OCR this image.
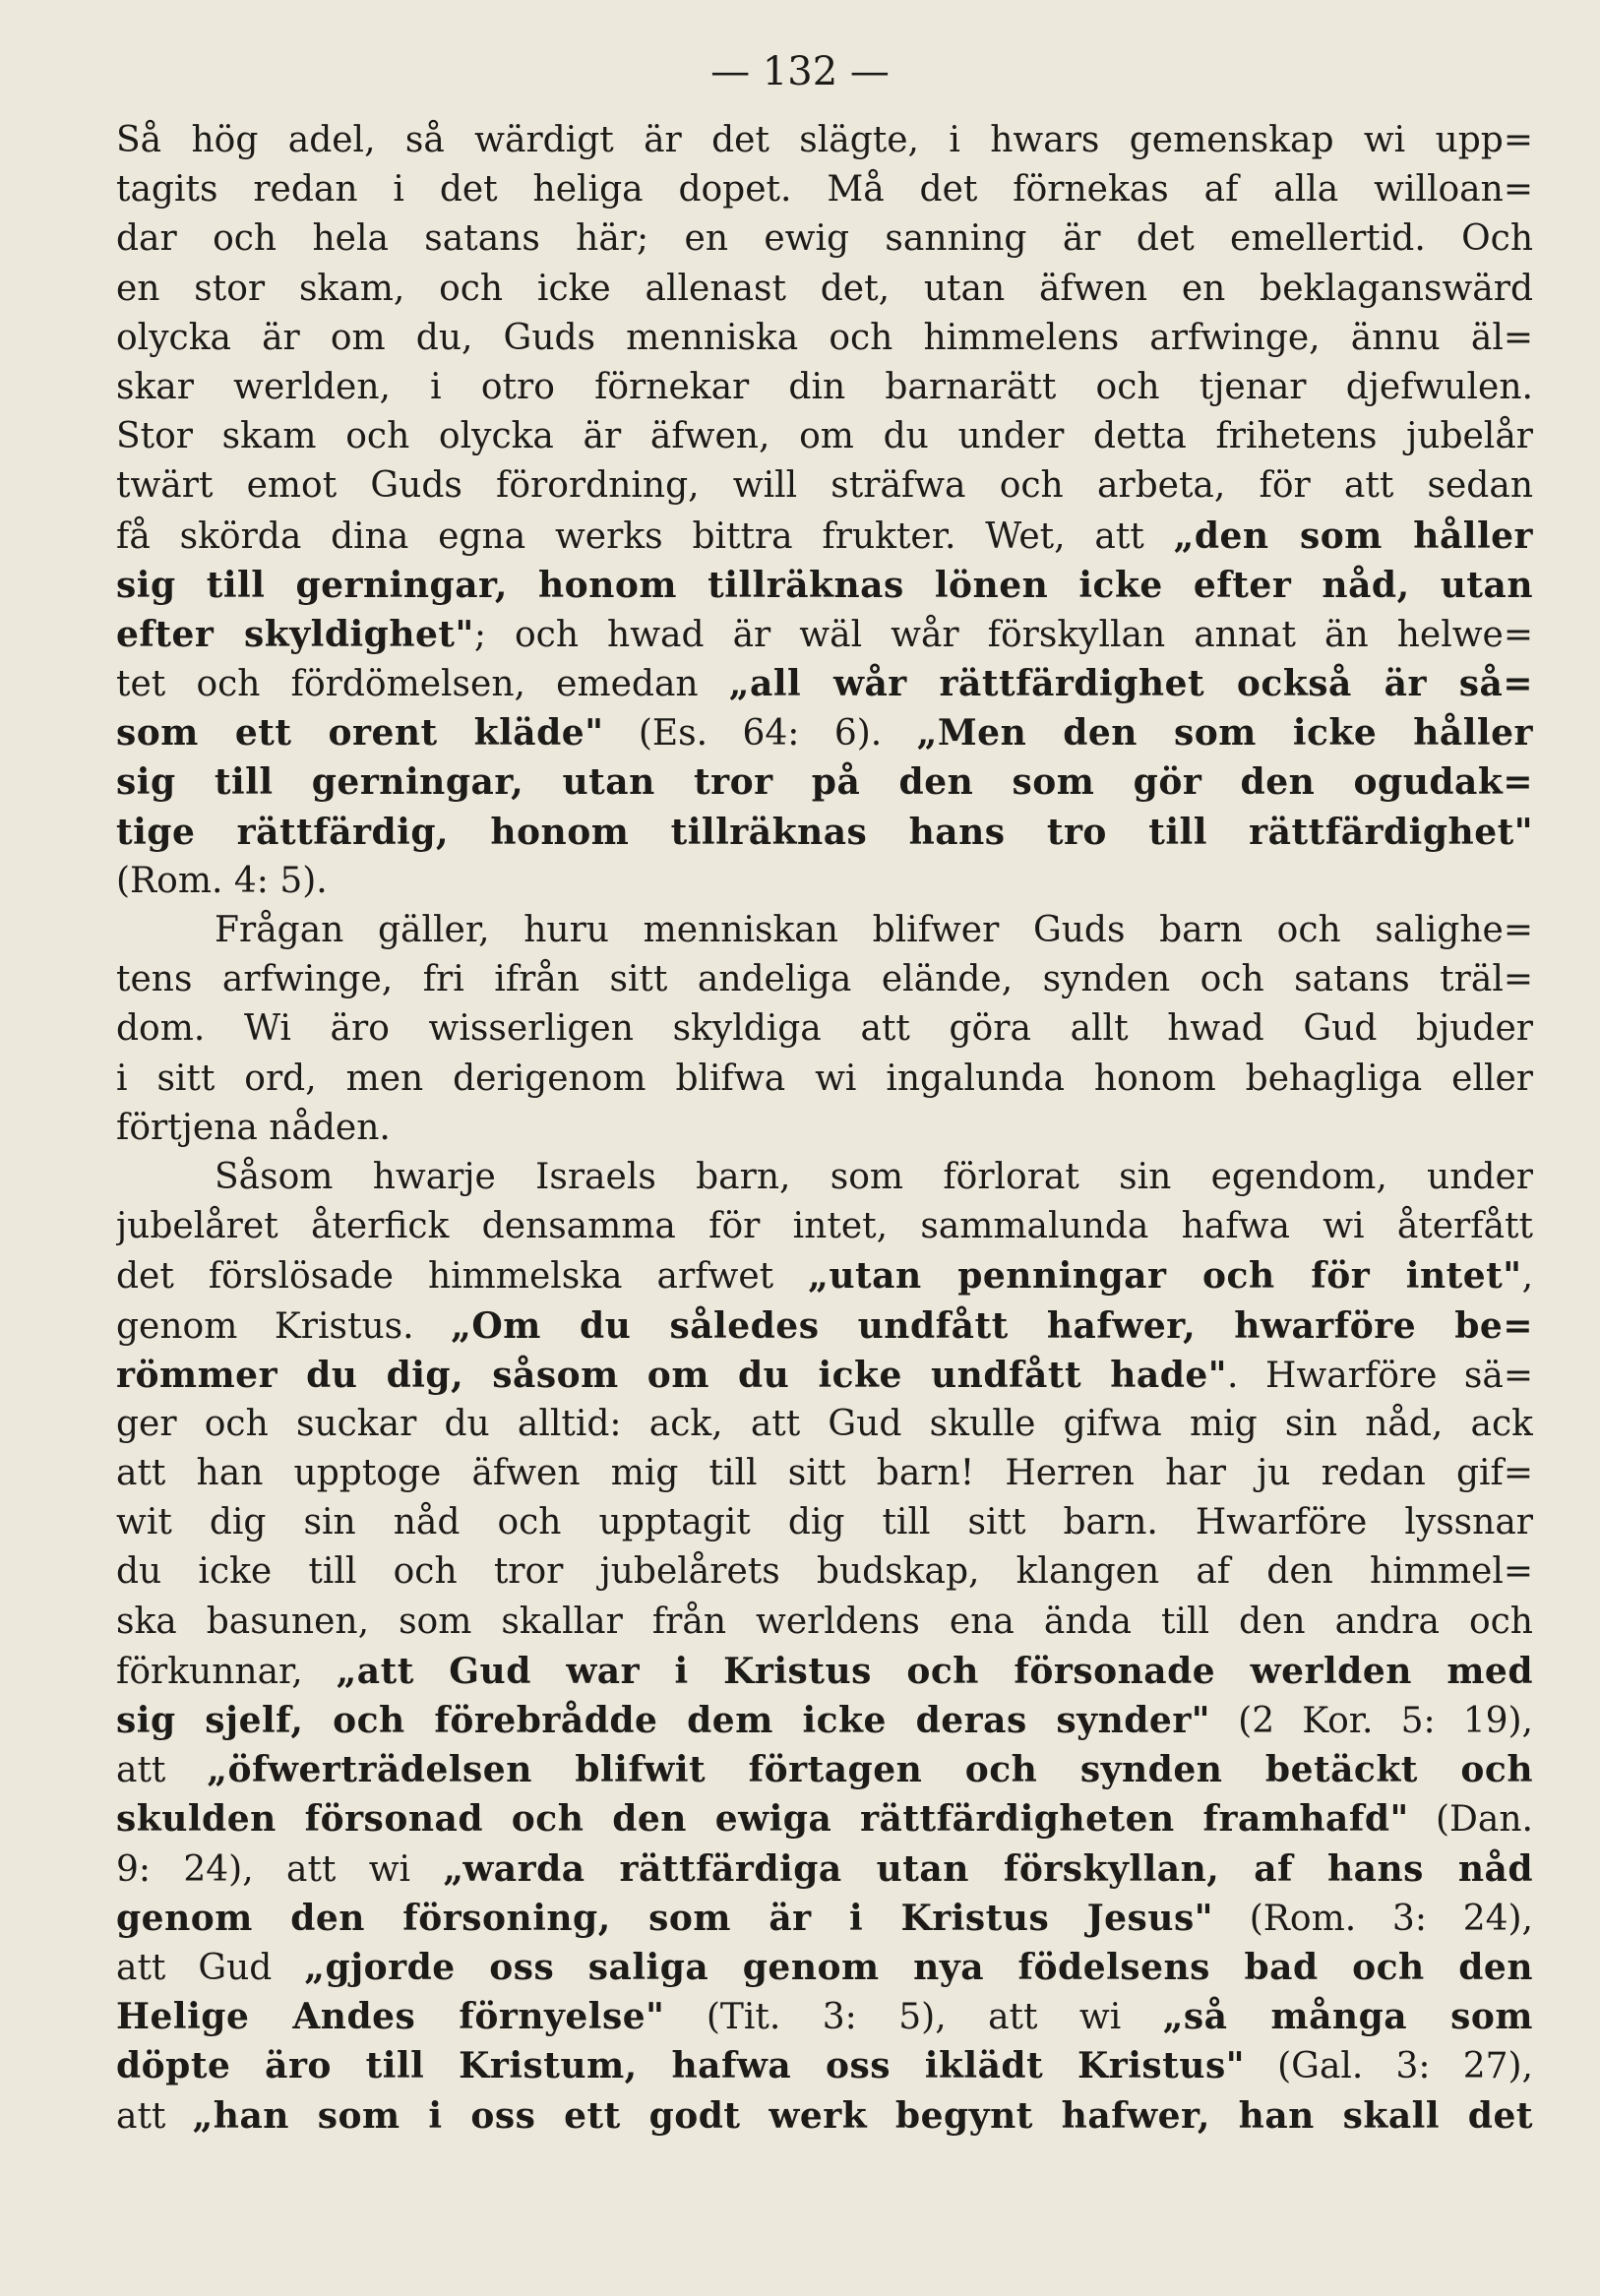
— 132 —
Så hög adel, så wärdigt är det slägte, i hwars gemenskap wi upp=
tagits redan i det heliga dopet. Må det förnekas af alla willoan=
dar och hela satans här; en ewig sanning är det emellertid. Och
en stor skam, och icke allenast det, utan äfwen en beklaganswärd
olycka är om du, Guds menniska och himmelens arfwinge, ännu äl=
skar werlden, i otro förnekar din barnarätt och tjenar djefwulen.
Stor skam och olycka är äfwen, om du under detta frihetens jubelår
twärt emot Guds förordning, will sträfwa och arbeta, för att sedan
få skörda dina egna werks bittra frukter. Wet, att „den som håller
sig till gerningar, honom tillräknas lönen icke efter nåd, utan
efter skyldighet"; och hwad är wäl wår förskyllan annat än helwe=
tet och fördömelsen, emedan „all wår rättfärdighet också är så=
som ett orent kläde" (Es. 64: 6). „Men den som icke håller
sig till gerningar, utan tror på den som gör den ogudak=
tige rättfärdig, honom tillräknas hans tro till rättfärdighet"
(Rom. 4: 5).
Frågan gäller, huru menniskan blifwer Guds barn och salighe=
tens arfwinge, fri ifrån sitt andeliga elände, synden och satans träl=
dom. Wi äro wisserligen skyldiga att göra allt hwad Gud bjuder
i sitt ord, men derigenom blifwa wi ingalunda honom behagliga eller
förtjena nåden.
Såsom hwarje Israels barn, som förlorat sin egendom, under
jubelåret återfick densamma för intet, sammalunda hafwa wi återfått
det förslösade himmelska arfwet „utan penningar och för intet",
genom Kristus. „Om du således undfått hafwer, hwarföre be=
römmer du dig, såsom om du icke undfått hade". Hwarföre sä=
ger och suckar du alltid: ack, att Gud skulle gifwa mig sin nåd, ack
att han upptoge äfwen mig till sitt barn! Herren har ju redan gif=
wit dig sin nåd och upptagit dig till sitt barn. Hwarföre lyssnar
du icke till och tror jubelårets budskap, klangen af den himmel=
ska basunen, som skallar från werldens ena ända till den andra och
förkunnar, „att Gud war i Kristus och försonade werlden med
sig sjelf, och förebrådde dem icke deras synder" (2 Kor. 5: 19),
att „öfwerträdelsen blifwit förtagen och synden betäckt och
skulden försonad och den ewiga rättfärdigheten framhafd" (Dan.
9: 24), att wi „warda rättfärdiga utan förskyllan, af hans nåd
genom den försoning, som är i Kristus Jesus" (Rom. 3: 24),
att Gud „gjorde oss saliga genom nya födelsens bad och den
Helige Andes förnyelse" (Tit. 3: 5), att wi „så många som
döpte äro till Kristum, hafwa oss iklädt Kristus" (Gal. 3: 27),
att „han som i oss ett godt werk begynt hafwer, han skall det
